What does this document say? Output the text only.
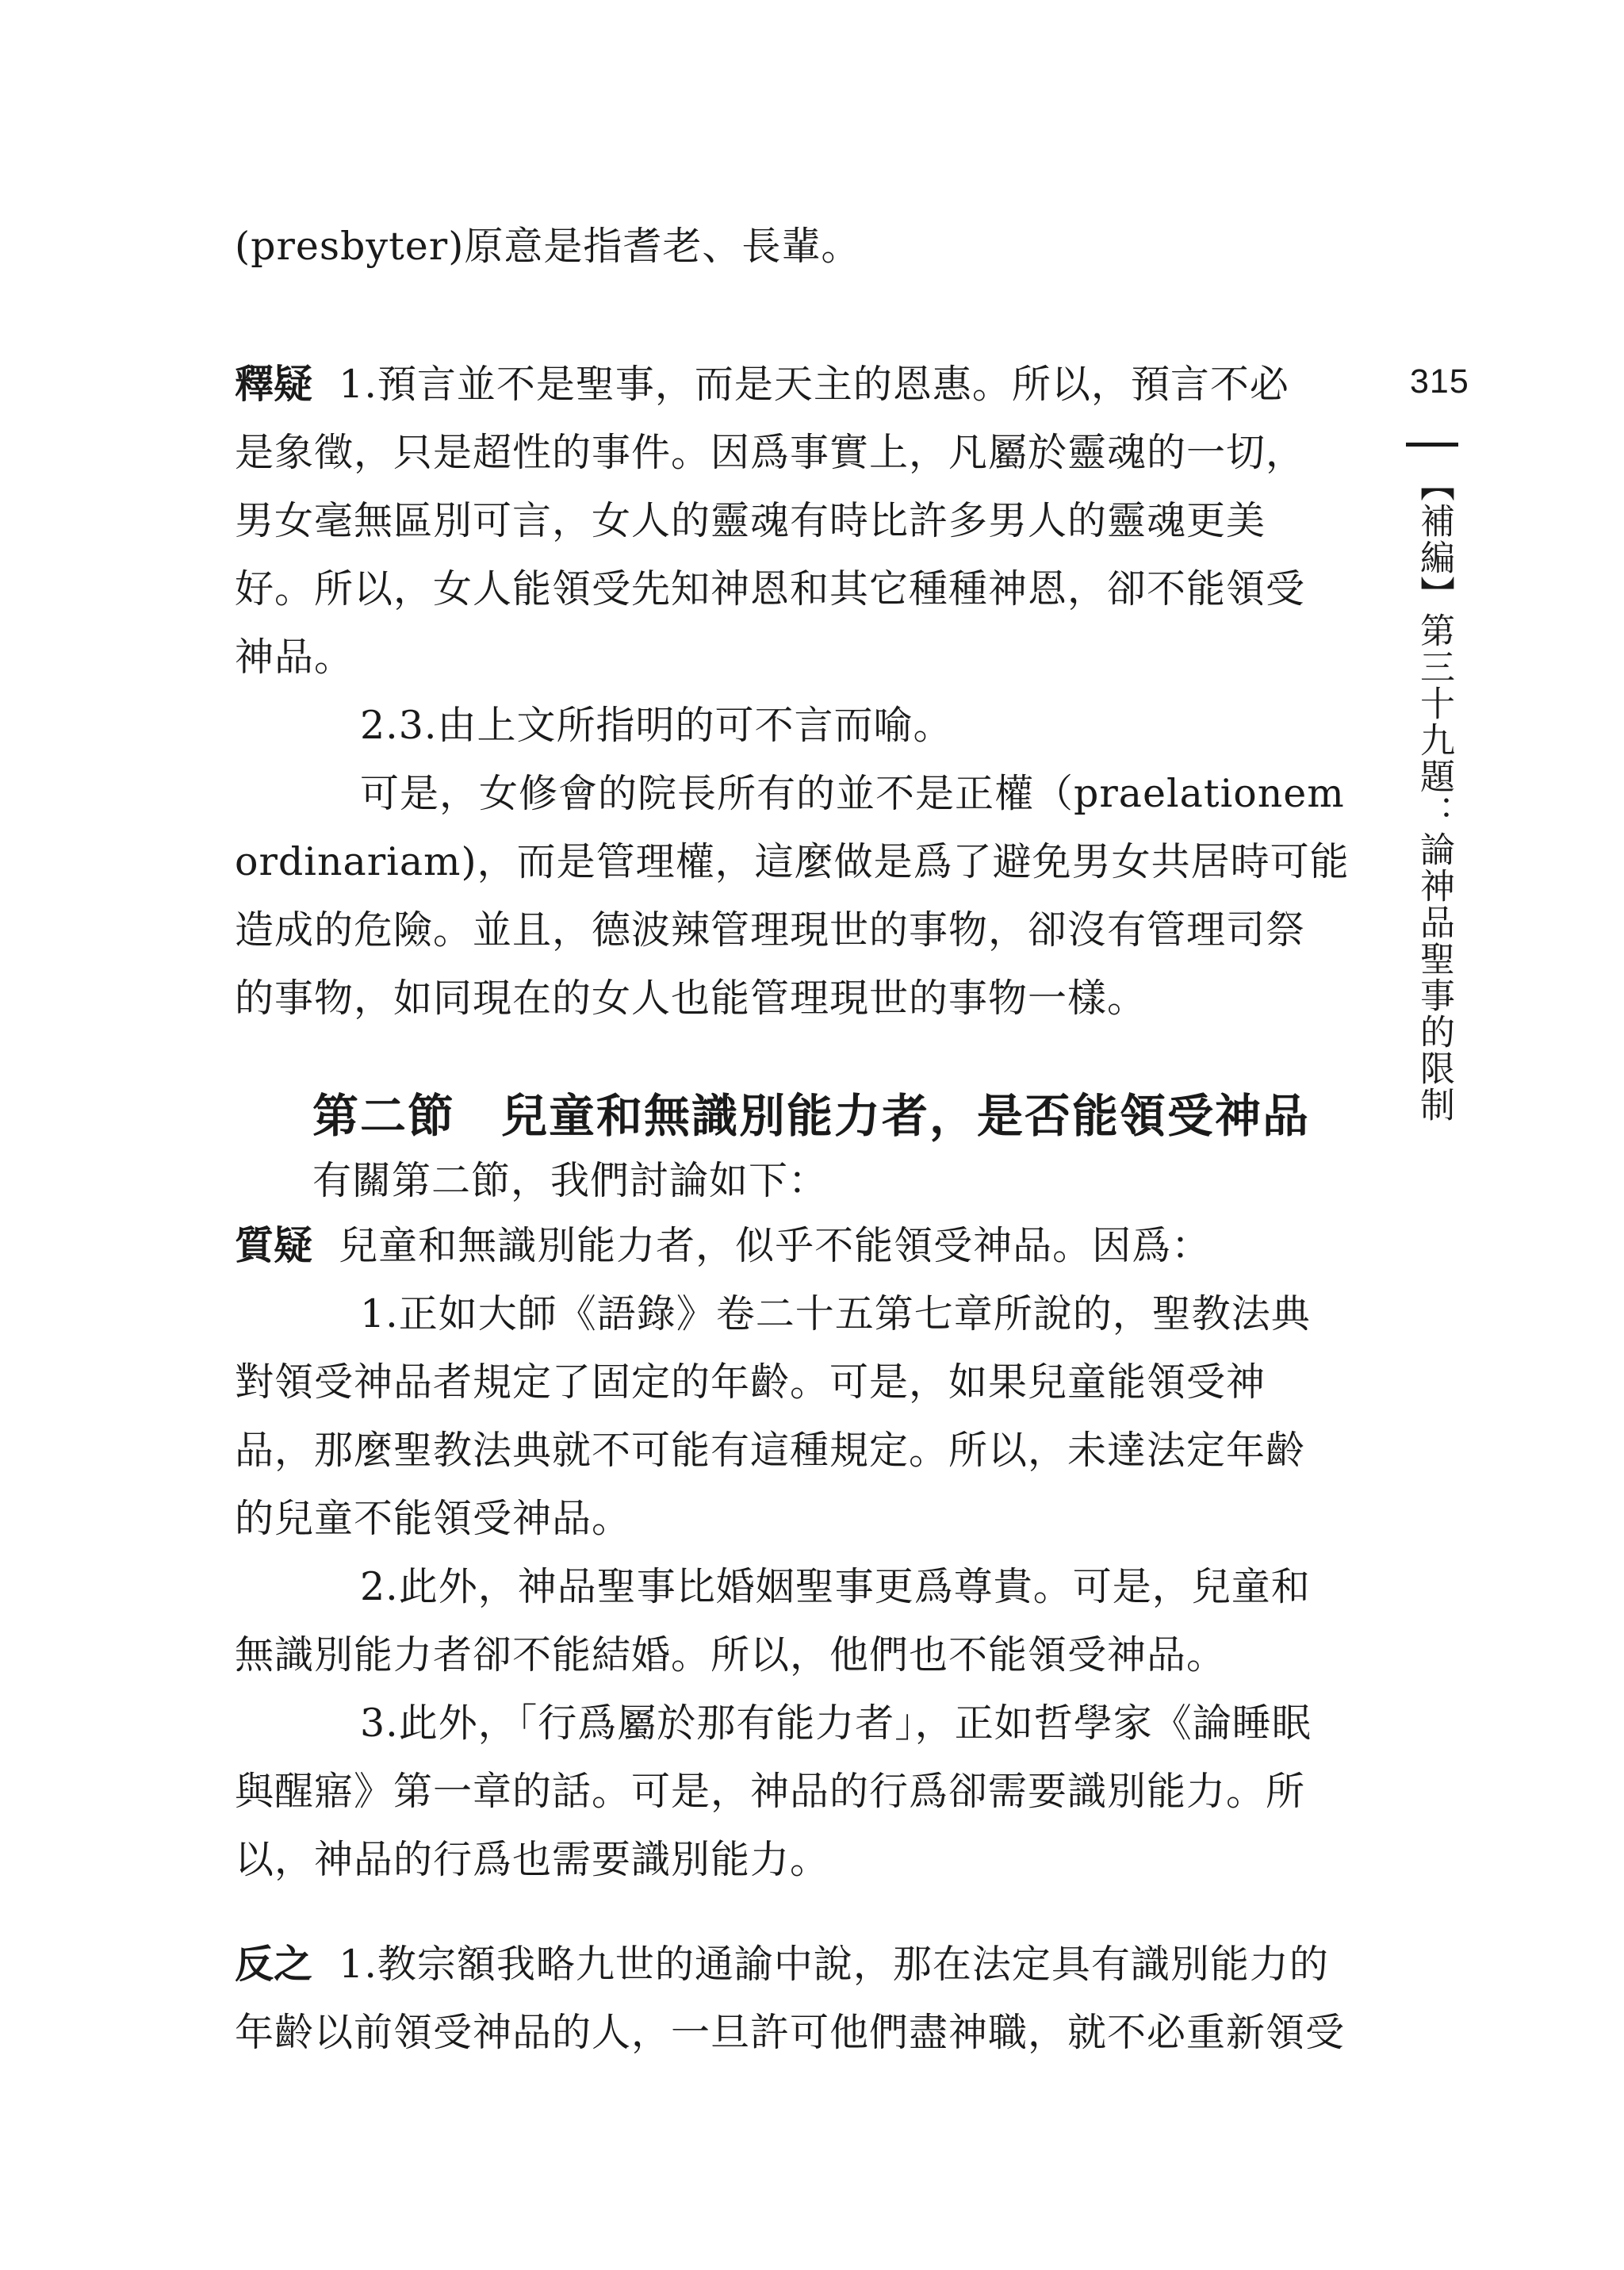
(presbyter)原意是指耆老、長輩。
釋疑 1.預言並不是聖事，而是天主的恩惠。所以，預言不必
是象徵，只是超性的事件。因爲事實上，凡屬於靈魂的一切，
男女毫無區別可言，女人的靈魂有時比許多男人的靈魂更美
好。所以，女人能領受先知神恩和其它種種神恩，卻不能領受
神品。
2.3.由上文所指明的可不言而喻。
可是，女修會的院長所有的並不是正權（praelationem
ordinariam)，而是管理權，這麼做是爲了避免男女共居時可能
造成的危險。並且，德波辣管理現世的事物，卻沒有管理司祭
的事物，如同現在的女人也能管理現世的事物一樣。
第二節 兒童和無識別能力者，是否能領受神品
有關第二節，我們討論如下：
質疑 兒童和無識別能力者，似乎不能領受神品。因爲：
1.正如大師《語錄》卷二十五第七章所說的，聖教法典
對領受神品者規定了固定的年齡。可是，如果兒童能領受神
品，那麼聖教法典就不可能有這種規定。所以，未達法定年齡
的兒童不能領受神品。
2.此外，神品聖事比婚姻聖事更爲尊貴。可是，兒童和
無識別能力者卻不能結婚。所以，他們也不能領受神品。
3.此外，「行爲屬於那有能力者」，正如哲學家《論睡眠
與醒寤》第一章的話。可是，神品的行爲卻需要識別能力。所
以，神品的行爲也需要識別能力。
反之 1.教宗額我略九世的通諭中說，那在法定具有識別能力的
年齡以前領受神品的人，一旦許可他們盡神職，就不必重新領受
315
【補編】第三十九題：論神品聖事的限制
